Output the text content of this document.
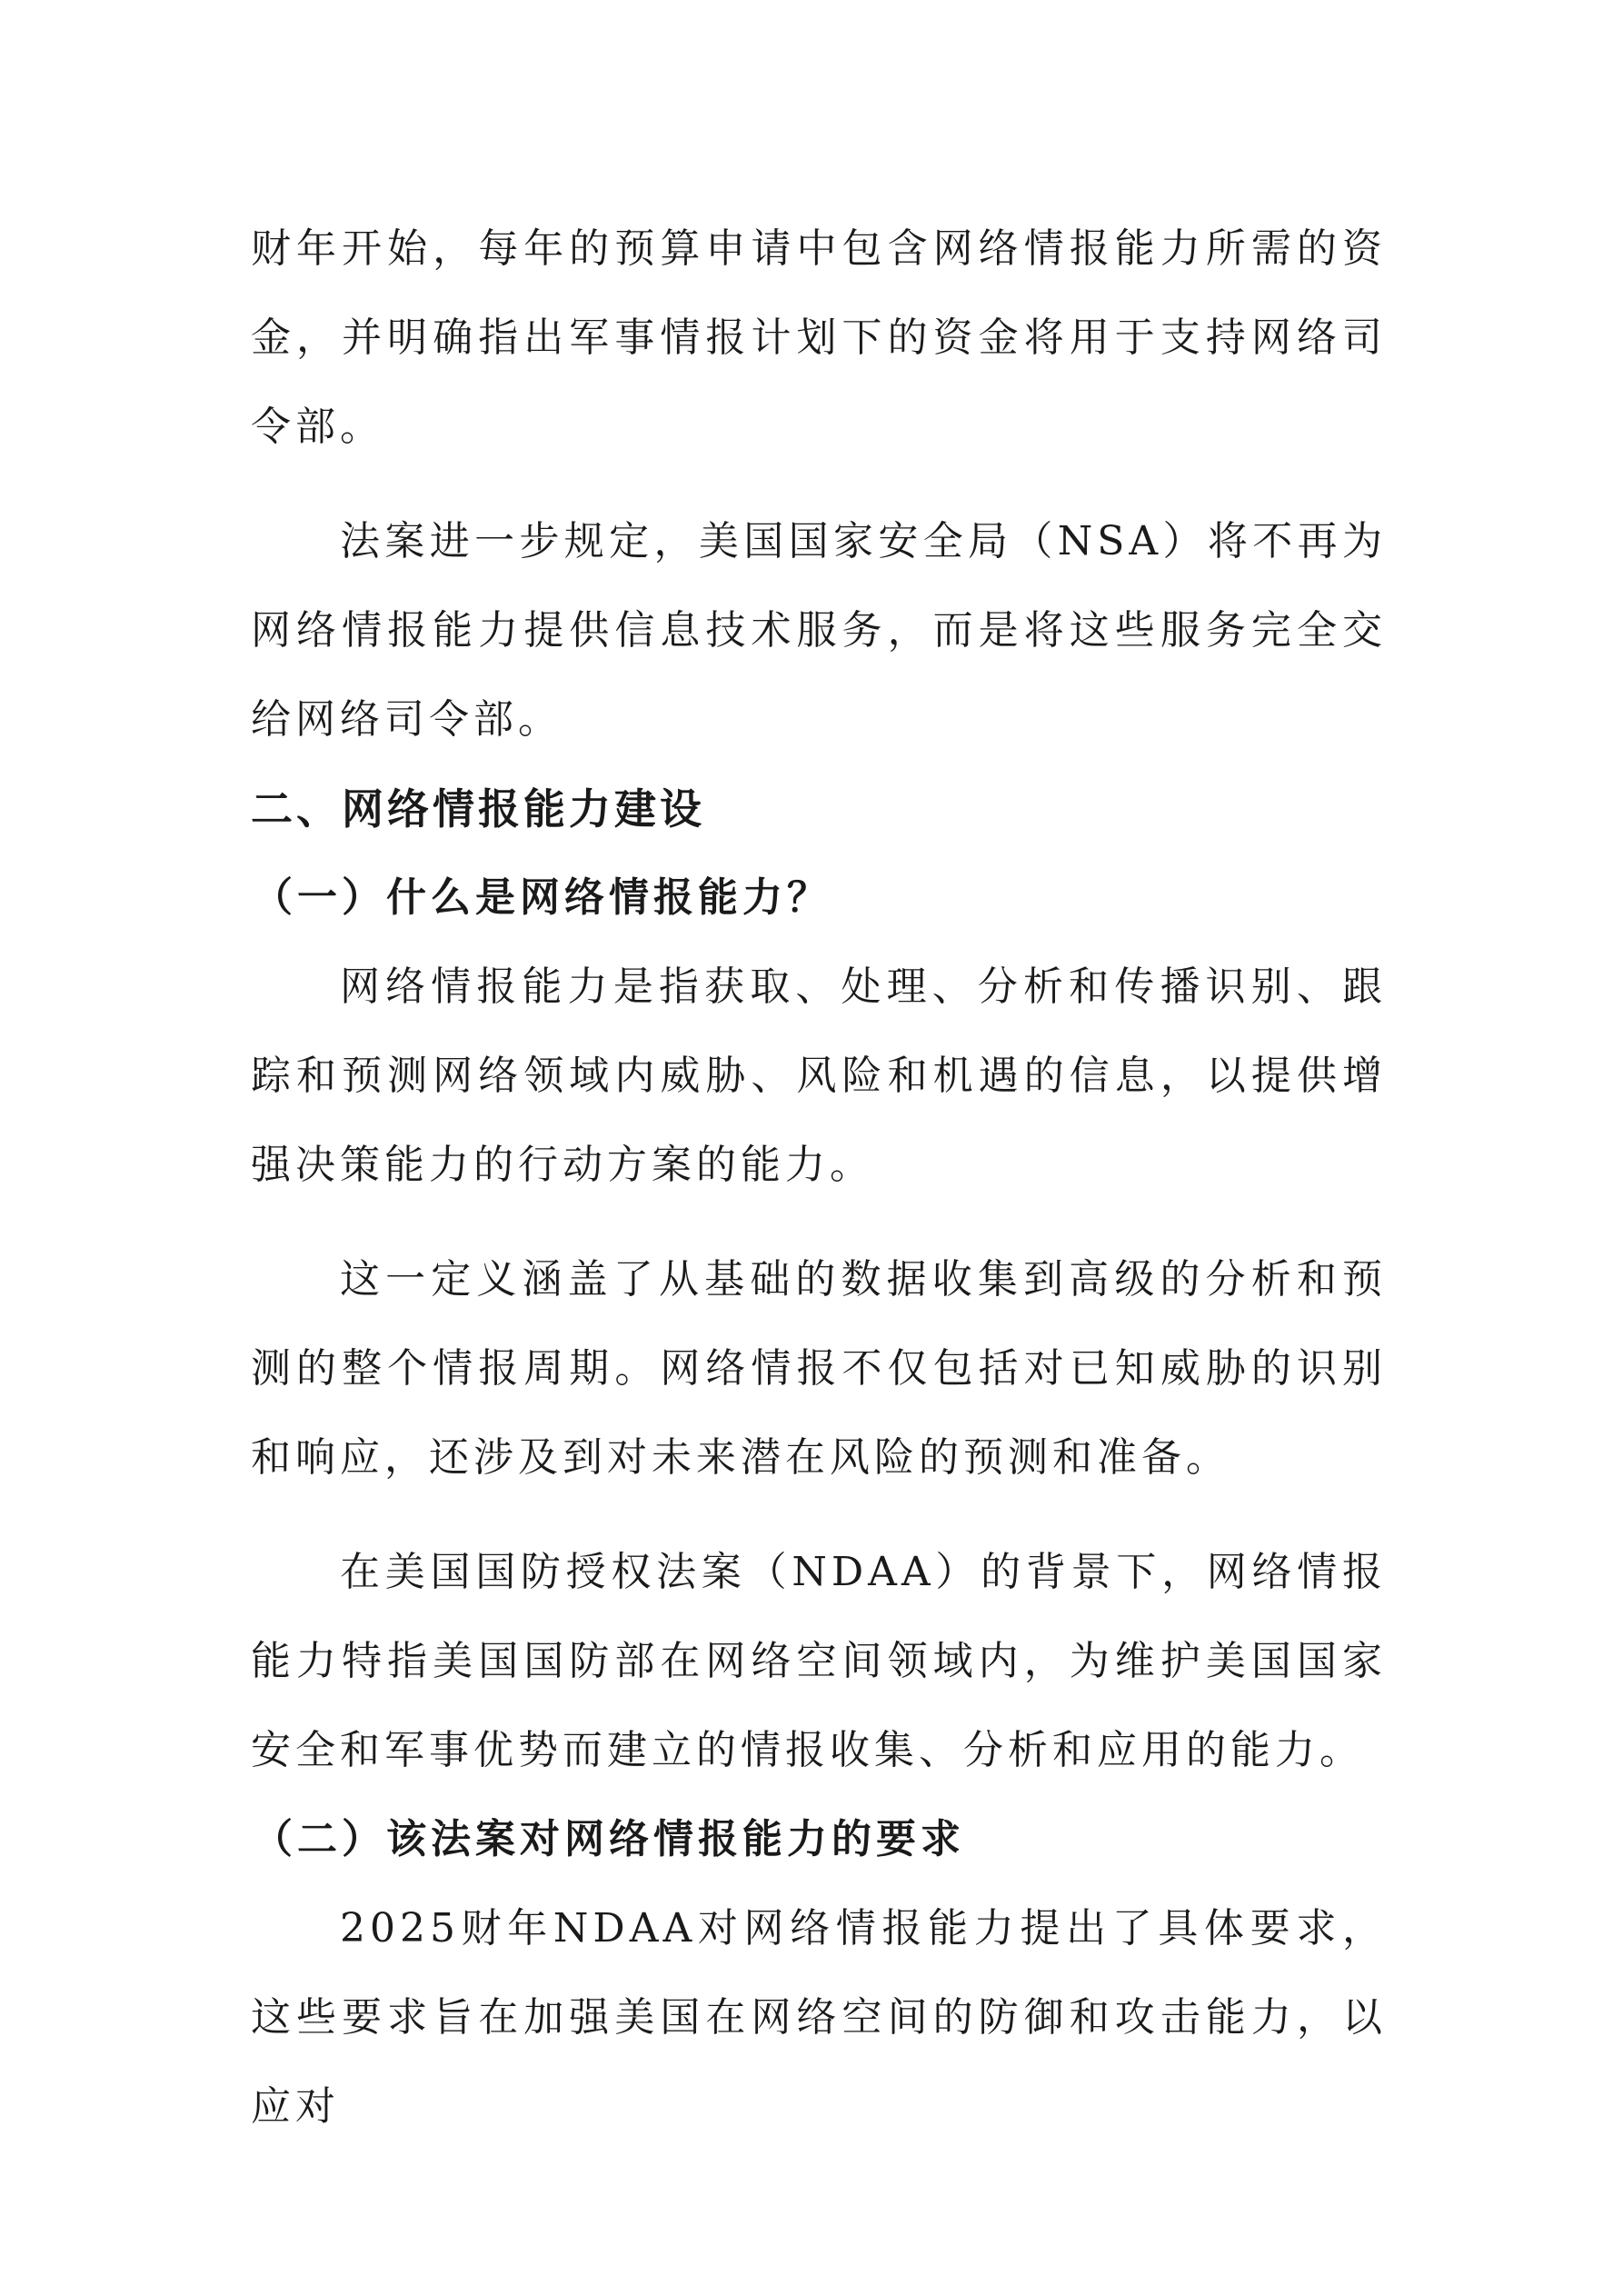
财年开始，每年的预算申请中包含网络情报能力所需的资金，并明确指出军事情报计划下的资金将用于支持网络司令部。

法案进一步规定，美国国家安全局（NSA）将不再为网络情报能力提供信息技术服务，而是将这些服务完全交给网络司令部。

二、网络情报能力建设
（一）什么是网络情报能力？

网络情报能力是指获取、处理、分析和传播识别、跟踪和预测网络领域内威胁、风险和机遇的信息，以提供增强决策能力的行动方案的能力。

这一定义涵盖了从基础的数据收集到高级的分析和预测的整个情报周期。网络情报不仅包括对已知威胁的识别和响应，还涉及到对未来潜在风险的预测和准备。

在美国国防授权法案（NDAA）的背景下，网络情报能力特指美国国防部在网络空间领域内，为维护美国国家安全和军事优势而建立的情报收集、分析和应用的能力。

（二）该法案对网络情报能力的要求

2025财年NDAA对网络情报能力提出了具体要求，这些要求旨在加强美国在网络空间的防御和攻击能力，以应对
